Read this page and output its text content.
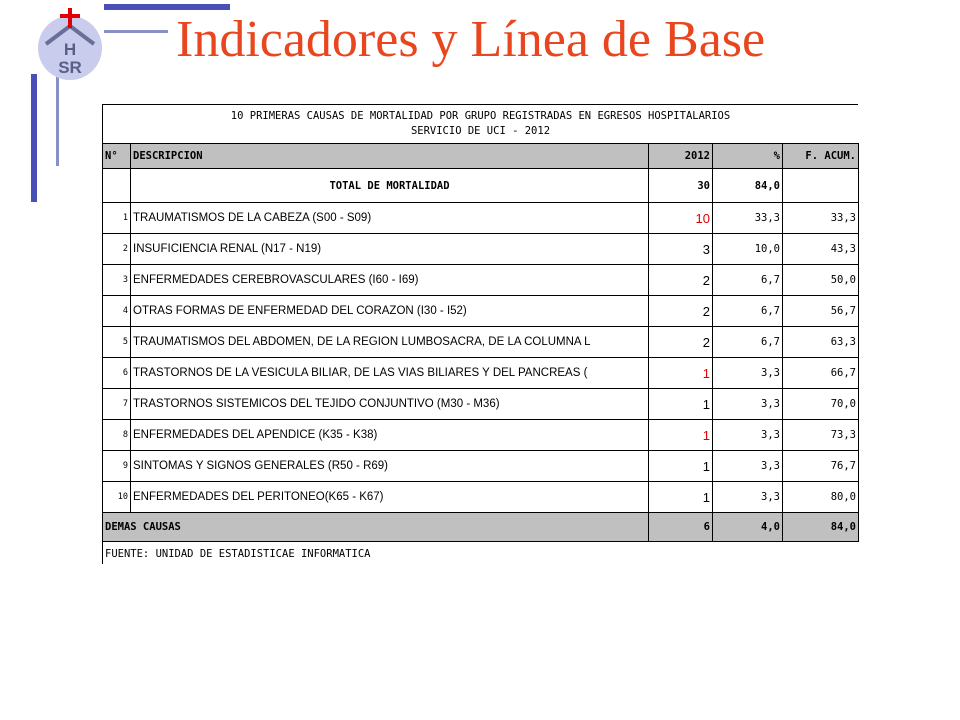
H
SR Indicadores y Línea de Base
10 PRIMERAS CAUSAS DE MORTALIDAD POR GRUPO REGISTRADAS EN EGRESOS HOSPITALARIOS
SERVICIO DE UCI - 2012
N°	DESCRIPCION	2012	%	F. ACUM.
	TOTAL DE MORTALIDAD	30	84,0	
1	TRAUMATISMOS DE LA CABEZA (S00 - S09)	10	33,3	33,3
2	INSUFICIENCIA RENAL (N17 - N19)	3	10,0	43,3
3	ENFERMEDADES CEREBROVASCULARES (I60 - I69)	2	6,7	50,0
4	OTRAS FORMAS DE ENFERMEDAD DEL CORAZON (I30 - I52)	2	6,7	56,7
5	TRAUMATISMOS DEL ABDOMEN, DE LA REGION LUMBOSACRA, DE LA COLUMNA L	2	6,7	63,3
6	TRASTORNOS DE LA VESICULA BILIAR, DE LAS VIAS BILIARES Y DEL PANCREAS (	1	3,3	66,7
7	TRASTORNOS SISTEMICOS DEL TEJIDO CONJUNTIVO (M30 - M36)	1	3,3	70,0
8	ENFERMEDADES DEL APENDICE (K35 - K38)	1	3,3	73,3
9	SINTOMAS Y SIGNOS GENERALES (R50 - R69)	1	3,3	76,7
10	ENFERMEDADES DEL PERITONEO(K65 - K67)	1	3,3	80,0
DEMAS CAUSAS		6	4,0	84,0
FUENTE: UNIDAD DE ESTADISTICAE INFORMATICA
